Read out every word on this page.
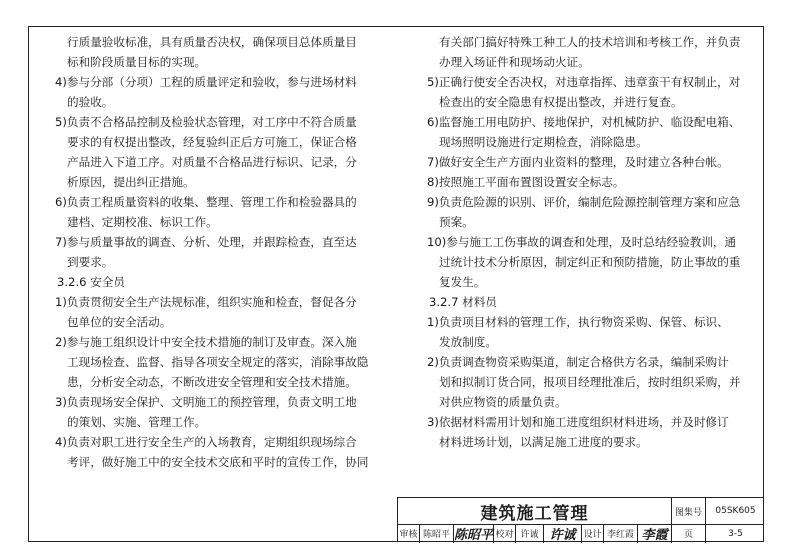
行质量验收标准，具有质量否决权，确保项目总体质量目
标和阶段质量目标的实现。
4)参与分部（分项）工程的质量评定和验收，参与进场材料
的验收。
5)负责不合格品控制及检验状态管理，对工序中不符合质量
要求的有权提出整改，经复验纠正后方可施工，保证合格
产品进入下道工序。对质量不合格品进行标识、记录，分
析原因，提出纠正措施。
6)负责工程质量资料的收集、整理、管理工作和检验器具的
建档、定期校准、标识工作。
7)参与质量事故的调查、分析、处理，并跟踪检查，直至达
到要求。
3.2.6 安全员
1)负责贯彻安全生产法规标准，组织实施和检查，督促各分
包单位的安全活动。
2)参与施工组织设计中安全技术措施的制订及审查。深入施
工现场检查、监督、指导各项安全规定的落实，消除事故隐
患，分析安全动态，不断改进安全管理和安全技术措施。
3)负责现场安全保护、文明施工的预控管理，负责文明工地
的策划、实施、管理工作。
4)负责对职工进行安全生产的入场教育，定期组织现场综合
考评，做好施工中的安全技术交底和平时的宣传工作，协同
有关部门搞好特殊工种工人的技术培训和考核工作，并负责
办理入场证件和现场动火证。
5)正确行使安全否决权，对违章指挥、违章蛮干有权制止，对
检查出的安全隐患有权提出整改，并进行复查。
6)监督施工用电防护、接地保护，对机械防护、临设配电箱、
现场照明设施进行定期检查，消除隐患。
7)做好安全生产方面内业资料的整理，及时建立各种台帐。
8)按照施工平面布置图设置安全标志。
9)负责危险源的识别、评价，编制危险源控制管理方案和应急
预案。
10)参与施工工伤事故的调查和处理，及时总结经验教训，通
过统计技术分析原因，制定纠正和预防措施，防止事故的重
复发生。
3.2.7 材料员
1)负责项目材料的管理工作，执行物资采购、保管、标识、
发放制度。
2)负责调查物资采购渠道，制定合格供方名录，编制采购计
划和拟制订货合同，报项目经理批准后，按时组织采购，并
对供应物资的质量负责。
3)依据材料需用计划和施工进度组织材料进场，并及时修订
材料进场计划，以满足施工进度的要求。
建筑施工管理	图集号	05SK605
审核 陈昭平 陈昭平 校对 许诚 许诚 设计 李红霞 李霞	页	3-5
